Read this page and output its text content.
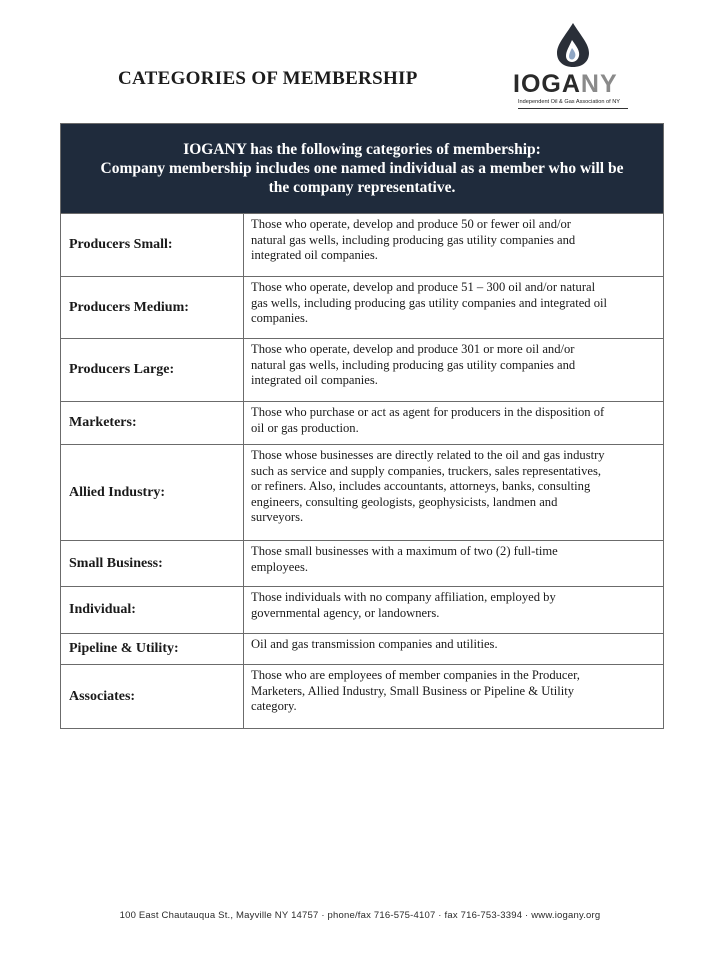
CATEGORIES OF MEMBERSHIP	IOGANY
Independent Oil & Gas Association of NY
IOGANY has the following categories of membership:
Company membership includes one named individual as a member who will be
the company representative.
Producers Small:
Those who operate, develop and produce 50 or fewer oil and/or
natural gas wells, including producing gas utility companies and
integrated oil companies.
Producers Medium:
Those who operate, develop and produce 51 – 300 oil and/or natural
gas wells, including producing gas utility companies and integrated oil
companies.
Producers Large:
Those who operate, develop and produce 301 or more oil and/or
natural gas wells, including producing gas utility companies and
integrated oil companies.
Marketers:
Those who purchase or act as agent for producers in the disposition of
oil or gas production.
Allied Industry:
Those whose businesses are directly related to the oil and gas industry
such as service and supply companies, truckers, sales representatives,
or refiners. Also, includes accountants, attorneys, banks, consulting
engineers, consulting geologists, geophysicists, landmen and
surveyors.
Small Business:
Those small businesses with a maximum of two (2) full-time
employees.
Individual:
Those individuals with no company affiliation, employed by
governmental agency, or landowners.
Pipeline & Utility:	Oil and gas transmission companies and utilities.
Associates:
Those who are employees of member companies in the Producer,
Marketers, Allied Industry, Small Business or Pipeline & Utility
category.
100 East Chautauqua St., Mayville NY 14757 · phone/fax 716-575-4107 · fax 716-753-3394 · www.iogany.org
